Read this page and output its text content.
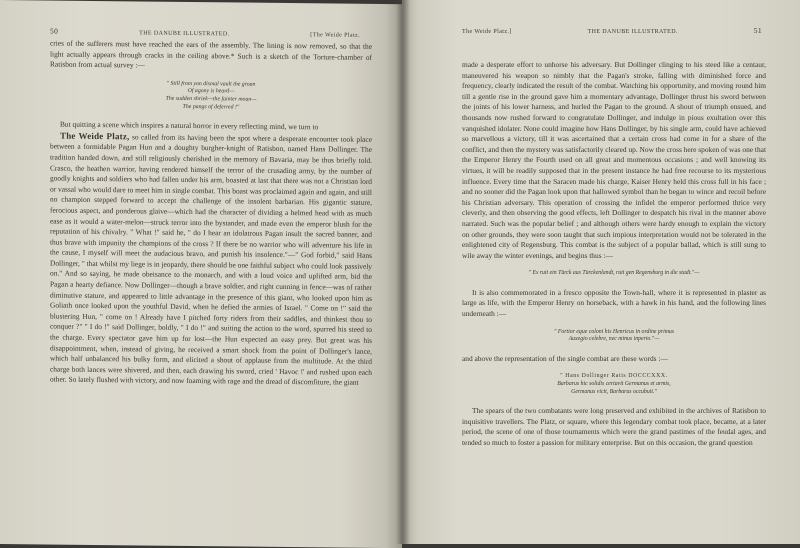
50	THE DANUBE ILLUSTRATED.	[The Weide Platz.

cries of the sufferers must have reached the ears of the assembly. The lining is now removed, so that the light actually appears through cracks in the ceiling above.* Such is a sketch of the Torture-chamber of Ratisbon from actual survey :—

" Still from yon dismal vault the groan
Of agony is heard—
The sudden shriek—the fainter moan—
The pangs of deferred !"

But quitting a scene which inspires a natural horror in every reflecting mind, we turn to

The Weide Platz, so called from its having been the spot where a desperate encounter took place between a formidable Pagan Hun and a doughty burgher-knight of Ratisbon, named Hans Dollinger. The tradition handed down, and still religiously cherished in the memory of Bavaria, may be thus briefly told. Crasco, the heathen warrior, having rendered himself the terror of the crusading army, by the number of goodly knights and soldiers who had fallen under his arm, boasted at last that there was not a Christian lord or vassal who would dare to meet him in single combat. This boast was proclaimed again and again, and still no champion stepped forward to accept the challenge of the insolent barbarian. His gigantic stature, ferocious aspect, and ponderous glaive—which had the character of dividing a helmed head with as much ease as it would a water-melon—struck terror into the bystander, and made even the emperor blush for the reputation of his chivalry. " What !" said he, " do I hear an idolatrous Pagan insult the sacred banner, and thus brave with impunity the champions of the cross ? If there be no warrior who will adventure his life in the cause, I myself will meet the audacious bravo, and punish his insolence."—" God forbid," said Hans Dollinger, " that whilst my liege is in jeopardy, there should be one faithful subject who could look passively on." And so saying, he made obeisance to the monarch, and with a loud voice and uplifted arm, bid the Pagan a hearty defiance. Now Dollinger—though a brave soldier, and right cunning in fence—was of rather diminutive stature, and appeared to little advantage in the presence of this giant, who looked upon him as Goliath once looked upon the youthful David, when he defied the armies of Israel. " Come on !" said the blustering Hun, " come on ! Already have I pitched forty riders from their saddles, and thinkest thou to conquer ?" " I do !" said Dollinger, boldly, " I do !" and suiting the action to the word, spurred his steed to the charge. Every spectator gave him up for lost—the Hun expected an easy prey. But great was his disappointment, when, instead of giving, he received a smart shock from the point of Dollinger's lance, which half unbalanced his bulky form, and elicited a shout of applause from the multitude. At the third charge both lances were shivered, and then, each drawing his sword, cried ' Havoc !' and rushed upon each other. So lately flushed with victory, and now foaming with rage and the dread of discomfiture, the giant

The Weide Platz.]	THE DANUBE ILLUSTRATED.	51

made a desperate effort to unhorse his adversary. But Dollinger clinging to his steed like a centaur, maneuvered his weapon so nimbly that the Pagan's stroke, falling with diminished force and frequency, clearly indicated the result of the combat. Watching his opportunity, and moving round him till a gentle rise in the ground gave him a momentary advantage, Dollinger thrust his sword between the joints of his lower harness, and hurled the Pagan to the ground. A shout of triumph ensued, and thousands now rushed forward to congratulate Dollinger, and indulge in pious exultation over this vanquished idolater. None could imagine how Hans Dollinger, by his single arm, could have achieved so marvellous a victory, till it was ascertained that a certain cross had come in for a share of the conflict, and then the mystery was satisfactorily cleared up. Now the cross here spoken of was one that the Emperor Henry the Fourth used on all great and momentous occasions ; and well knowing its virtues, it will be readily supposed that in the present instance he had free recourse to its mysterious influence. Every time that the Saracen made his charge, Kaiser Henry held this cross full in his face ; and no sooner did the Pagan look upon that hallowed symbol than he began to wince and recoil before his Christian adversary. This operation of crossing the infidel the emperor performed thrice very cleverly, and then observing the good effects, left Dollinger to despatch his rival in the manner above narrated. Such was the popular belief ; and although others were hardy enough to explain the victory on other grounds, they were soon taught that such impious interpretation would not be tolerated in the enlightened city of Regensburg. This combat is the subject of a popular ballad, which is still sung to wile away the winter evenings, and begins thus :—

" Es ruit ein Türck aus Türckenlandt, ruit gen Regensburg in die stadt."—

It is also commemorated in a fresco opposite the Town-hall, where it is represented in plaster as large as life, with the Emperor Henry on horseback, with a hawk in his hand, and the following lines underneath :—

" Fortior eque coloni his Henricus in ordine primus
Auxegio celebre, nec minus inperio."—

and above the representation of the single combat are these words :—

" Hans Dollinger Ratis DOCCCXXX.
Barbarus hic solidis certavit Germanus et armis,
Germanus vicit, Barbarus occubuit."

The spears of the two combatants were long preserved and exhibited in the archives of Ratisbon to inquisitive travellers. The Platz, or square, where this legendary combat took place, became, at a later period, the scene of one of those tournaments which were the grand pastimes of the feudal ages, and tended so much to foster a passion for military enterprise. But on this occasion, the grand question
